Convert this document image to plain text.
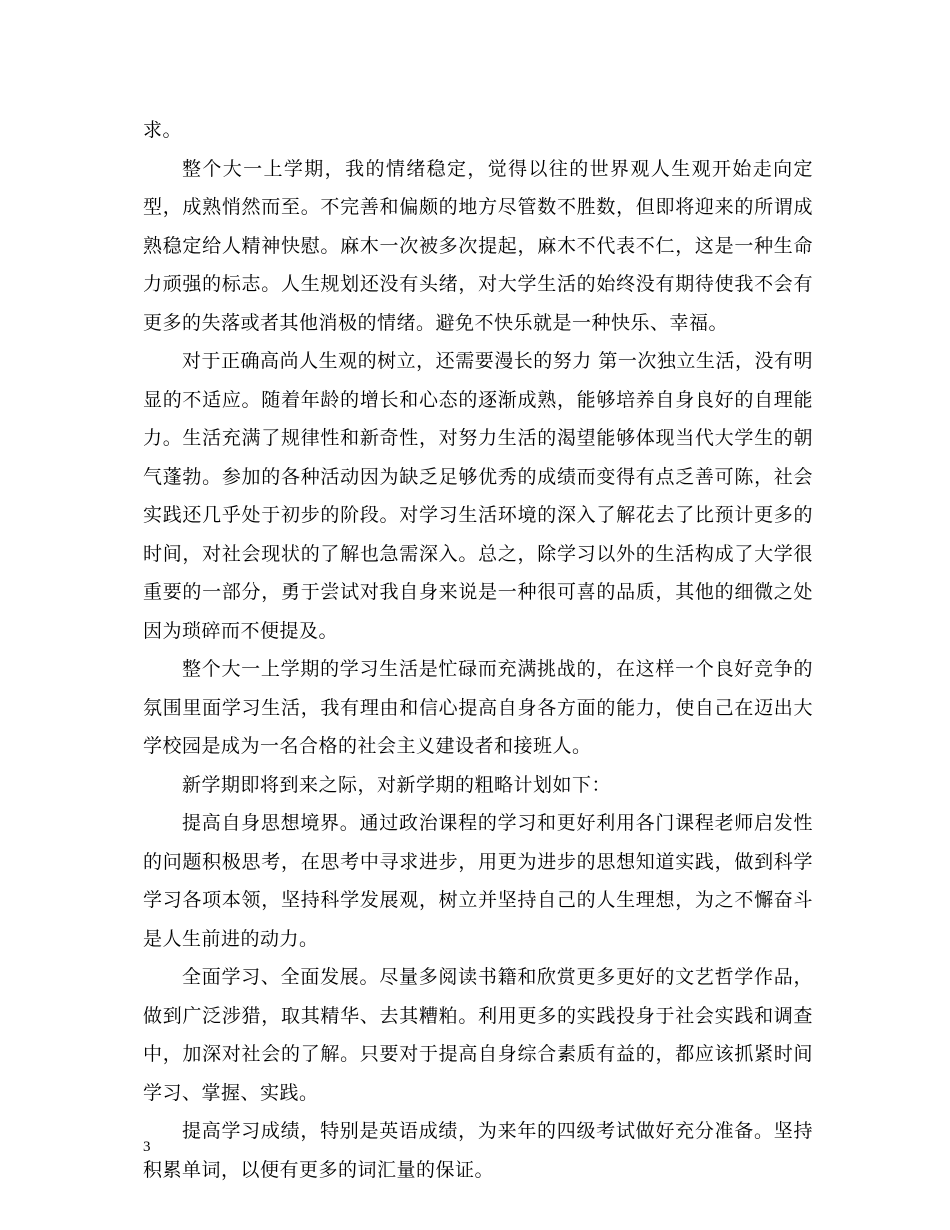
求。

整个大一上学期，我的情绪稳定，觉得以往的世界观人生观开始走向定型，成熟悄然而至。不完善和偏颇的地方尽管数不胜数，但即将迎来的所谓成熟稳定给人精神快慰。麻木一次被多次提起，麻木不代表不仁，这是一种生命力顽强的标志。人生规划还没有头绪，对大学生活的始终没有期待使我不会有更多的失落或者其他消极的情绪。避免不快乐就是一种快乐、幸福。

对于正确高尚人生观的树立，还需要漫长的努力 第一次独立生活，没有明显的不适应。随着年龄的增长和心态的逐渐成熟，能够培养自身良好的自理能力。生活充满了规律性和新奇性，对努力生活的渴望能够体现当代大学生的朝气蓬勃。参加的各种活动因为缺乏足够优秀的成绩而变得有点乏善可陈，社会实践还几乎处于初步的阶段。对学习生活环境的深入了解花去了比预计更多的时间，对社会现状的了解也急需深入。总之，除学习以外的生活构成了大学很重要的一部分，勇于尝试对我自身来说是一种很可喜的品质，其他的细微之处因为琐碎而不便提及。

整个大一上学期的学习生活是忙碌而充满挑战的，在这样一个良好竞争的氛围里面学习生活，我有理由和信心提高自身各方面的能力，使自己在迈出大学校园是成为一名合格的社会主义建设者和接班人。

新学期即将到来之际，对新学期的粗略计划如下：

提高自身思想境界。通过政治课程的学习和更好利用各门课程老师启发性的问题积极思考，在思考中寻求进步，用更为进步的思想知道实践，做到科学学习各项本领，坚持科学发展观，树立并坚持自己的人生理想，为之不懈奋斗是人生前进的动力。

全面学习、全面发展。尽量多阅读书籍和欣赏更多更好的文艺哲学作品，做到广泛涉猎，取其精华、去其糟粕。利用更多的实践投身于社会实践和调查中，加深对社会的了解。只要对于提高自身综合素质有益的，都应该抓紧时间学习、掌握、实践。

提高学习成绩，特别是英语成绩，为来年的四级考试做好充分准备。坚持积累单词，以便有更多的词汇量的保证。

3
